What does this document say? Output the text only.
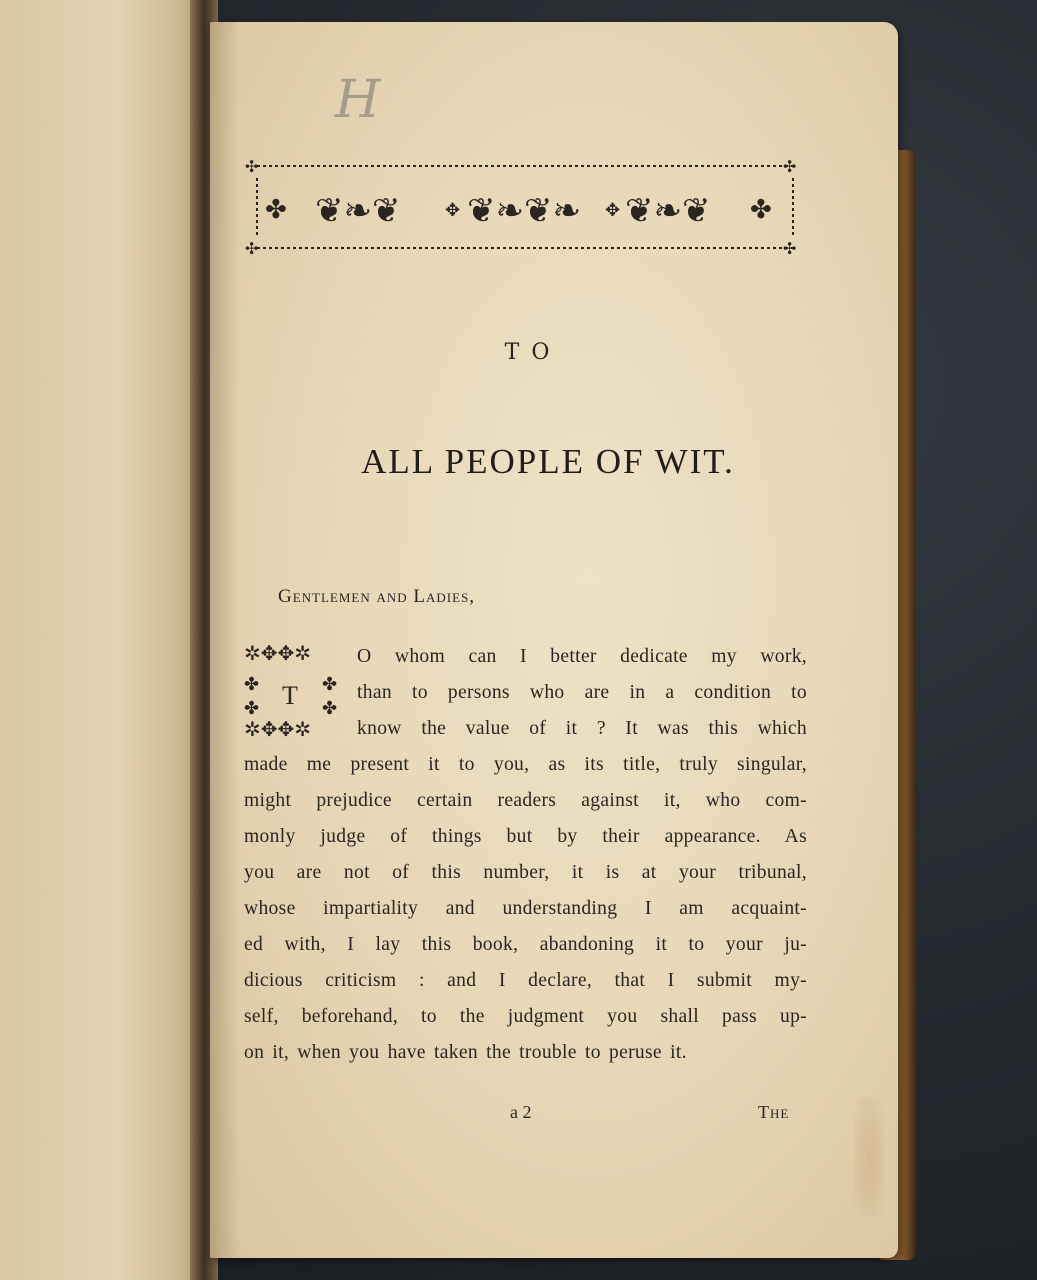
H
✣	✣
✣	✣
✤ ❦❧❦ ✥ ❦❧❦❧ ✥ ❦❧❦ ✤
TO
ALL PEOPLE OF WIT.
Gentlemen and Ladies,
✲✥✥✲
✲✥✥✲
✤
✤
✤
✤
T
O whom can I better dedicate my work,
than to persons who are in a condition to
know the value of it ? It was this which
made me present it to you, as its title, truly singular,
might prejudice certain readers against it, who com-
monly judge of things but by their appearance. As
you are not of this number, it is at your tribunal,
whose impartiality and understanding I am acquaint-
ed with, I lay this book, abandoning it to your ju-
dicious criticism : and I declare, that I submit my-
self, beforehand, to the judgment you shall pass up-
on it, when you have taken the trouble to peruse it.
a 2	The
